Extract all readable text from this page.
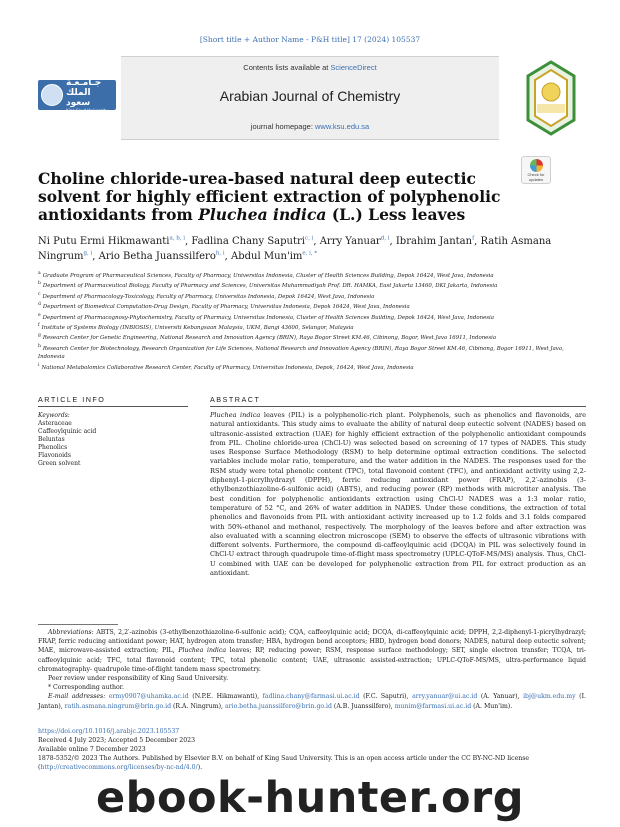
[Short title + Author Name - P&H title] 17 (2024) 105537
جـامـعـة الملك سعود
King Saud University
Contents lists available at ScienceDirect
Arabian Journal of Chemistry
journal homepage: www.ksu.edu.sa
Check for
updates
Choline chloride-urea-based natural deep eutectic solvent for highly efficient extraction of polyphenolic antioxidants from Pluchea indica (L.) Less leaves
Ni Putu Ermi Hikmawanti$^{a, b, i}$, Fadlina Chany Saputri$^{c, i}$, Arry Yanuar$^{d, i}$, Ibrahim Jantan$^f$, Ratih Asmana Ningrum$^{g, i}$, Ario Betha Juanssilfero$^{h, i}$, Abdul $Mun'im^{e, i, *}$
$^a$ Graduate Program of Pharmaceutical Sciences, Faculty of Pharmacy, Universitas Indonesia, Cluster of Health Sciences Building, Depok 16424, West Java, Indonesia
$^b$ Department of Pharmaceutical Biology, Faculty of Pharmacy and Sciences, Universitas Muhammadiyah Prof. DR. HAMKA, East Jakarta 13460, DKI Jakarta, Indonesia
$^c$ Department of Pharmacology-Toxicology, Faculty of Pharmacy, Universitas Indonesia, Depok 16424, West Java, Indonesia
$^d$ Department of Biomedical Computation-Drug Design, Faculty of Pharmacy, Universitas Indonesia, Depok 16424, West Java, Indonesia
$^e$ Department of Pharmacognosy-Phytochemistry, Faculty of Pharmacy, Universitas Indonesia, Cluster of Health Sciences Building, Depok 16424, West Java, Indonesia
$^f$ Institute of Systems Biology (INBIOSIS), Universiti Kebangsaan Malaysia, UKM, Bangi 43600, Selangor, Malaysia
$^g$ Research Center for Genetic Engineering, National Research and Innovation Agency (BRIN), Raya Bogor Street KM.46, Cibinong, Bogor, West Java 16911, Indonesia
$^h$ Research Center for Biotechnology, Research Organization for Life Sciences, National Research and Innovation Agency (BRIN), Raya Bogor Street KM.46, Cibinong, Bogor 16911, West Java, Indonesia
$^i$ National Metabolomics Collaborative Research Center, Faculty of Pharmacy, Universitas Indonesia, Depok, 16424, West Java, Indonesia
ARTICLE INFO	ABSTRACT
Keywords:
Asteraceae
Caffeoylquinic acid
Beluntas
Phenolics
Flavonoids
Green solvent
Pluchea indica leaves (PIL) is a polyphenolic-rich plant. Polyphenols, such as phenolics and flavonoids, are natural antioxidants. This study aims to evaluate the ability of natural deep eutectic solvent (NADES) based on ultrasonic-assisted extraction (UAE) for highly efficient extraction of the polyphenolic antioxidant compounds from PIL. Choline chloride-urea (ChCl-U) was selected based on screening of 17 types of NADES. This study uses Response Surface Methodology (RSM) to help determine optimal extraction conditions. The selected variables include molar ratio, temperature, and the water addition in the NADES. The responses used for the RSM study were total phenolic content (TPC), total flavonoid content (TFC), and antioxidant activity using 2,2-diphenyl-1-picrylhydrazyl (DPPH), ferric reducing antioxidant power (FRAP), 2,2′-azinobis (3-ethylbenzothiazoline-6-sulfonic acid) (ABTS), and reducing power (RP) methods with microtiter analysis. The best condition for polyphenolic antioxidants extraction using ChCl-U NADES was a 1:3 molar ratio, temperature of 52 °C, and 26% of water addition in NADES. Under these conditions, the extraction of total phenolics and flavonoids from PIL with antioxidant activity increased up to 1.2 folds and 3.1 folds compared with 50%-ethanol and methanol, respectively. The morphology of the leaves before and after extraction was also evaluated with a scanning electron microscope (SEM) to observe the effects of ultrasonic vibrations with different solvents. Furthermore, the compound di-caffeoylquinic acid (DCQA) in PIL was selectively found in ChCl-U extract through quadrupole time-of-flight mass spectrometry (UPLC-QToF-MS/MS) analysis. Thus, ChCl-U combined with UAE can be developed for polyphenolic extraction from PIL for extract production as an antioxidant.

Abbreviations: ABTS, 2,2′-azinobis (3-ethylbenzothiazoline-6-sulfonic acid); CQA, caffeoylquinic acid; DCQA, di-caffeoylquinic acid; DPPH, 2,2-diphenyl-1-picrylhydrazyl; FRAP, ferric reducing antioxidant power; HAT, hydrogen atom transfer; HBA, hydrogen bond acceptors; HBD, hydrogen bond donors; NADES, natural deep eutectic solvent; MAE, microwave-assisted extraction; PIL, Pluchea indica leaves; RP, reducing power; RSM, response surface methodology; SET, single electron transfer; TCQA, tri-caffeoylquinic acid; TFC, total flavonoid content; TPC, total phenolic content; UAE, ultrasonic assisted-extraction; UPLC-QToF-MS/MS, ultra-performance liquid chromatography- quadrupole time-of-flight tandem mass spectrometry.

Peer review under responsibility of King Saud University.

* Corresponding author.

E-mail addresses: ermy0907@uhamka.ac.id (N.P.E. Hikmawanti), fadlina.chany@farmasi.ui.ac.id (F.C. Saputri), arry.yanuar@ui.ac.id (A. Yanuar), ibj@ukm.edu.my (I. Jantan), ratih.asmana.ningrum@brin.go.id (R.A. Ningrum), ario.betha.juanssilfero@brin.go.id (A.B. Juanssilfero), munim@farmasi.ui.ac.id (A. Mun'im).

https://doi.org/10.1016/j.arabjc.2023.105537
Received 4 July 2023; Accepted 5 December 2023
Available online 7 December 2023
1878-5352/© 2023 The Authors. Published by Elsevier B.V. on behalf of King Saud University. This is an open access article under the CC BY-NC-ND license (http://creativecommons.org/licenses/by-nc-nd/4.0/).
ebook-hunter.org
